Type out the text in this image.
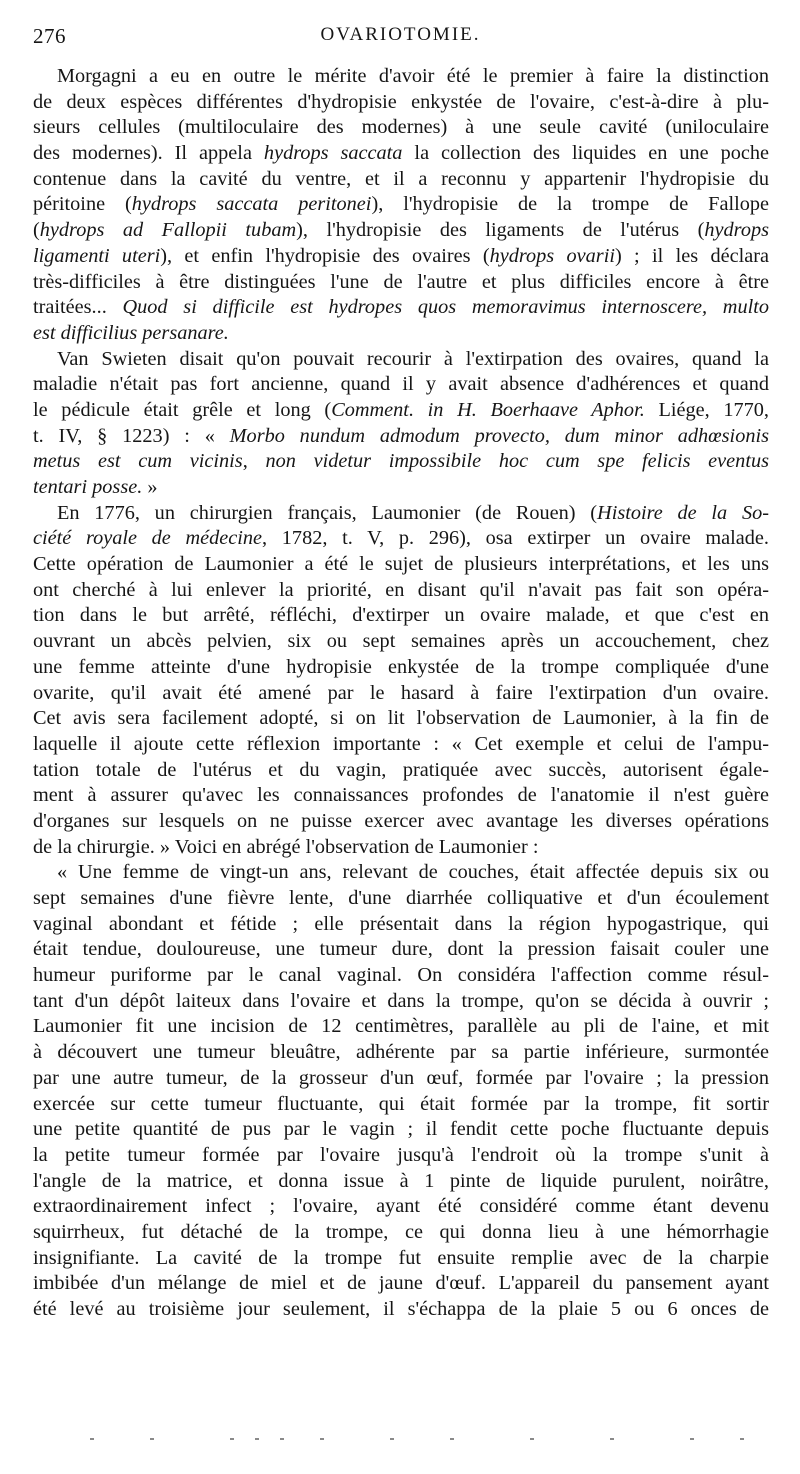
276	OVARIOTOMIE.
Morgagni a eu en outre le mérite d'avoir été le premier à faire la distinction
de deux espèces différentes d'hydropisie enkystée de l'ovaire, c'est-à-dire à plu-
sieurs cellules (multiloculaire des modernes) à une seule cavité (uniloculaire
des modernes). Il appela hydrops saccata la collection des liquides en une poche
contenue dans la cavité du ventre, et il a reconnu y appartenir l'hydropisie du
péritoine (hydrops saccata peritonei), l'hydropisie de la trompe de Fallope
(hydrops ad Fallopii tubam), l'hydropisie des ligaments de l'utérus (hydrops
ligamenti uteri), et enfin l'hydropisie des ovaires (hydrops ovarii) ; il les déclara
très-difficiles à être distinguées l'une de l'autre et plus difficiles encore à être
traitées... Quod si difficile est hydropes quos memoravimus internoscere, multo
est difficilius persanare.
Van Swieten disait qu'on pouvait recourir à l'extirpation des ovaires, quand la
maladie n'était pas fort ancienne, quand il y avait absence d'adhérences et quand
le pédicule était grêle et long (Comment. in H. Boerhaave Aphor. Liége, 1770,
t. IV, § 1223) : « Morbo nundum admodum provecto, dum minor adhœsionis
metus est cum vicinis, non videtur impossibile hoc cum spe felicis eventus
tentari posse. »
En 1776, un chirurgien français, Laumonier (de Rouen) (Histoire de la So-
ciété royale de médecine, 1782, t. V, p. 296), osa extirper un ovaire malade.
Cette opération de Laumonier a été le sujet de plusieurs interprétations, et les uns
ont cherché à lui enlever la priorité, en disant qu'il n'avait pas fait son opéra-
tion dans le but arrêté, réfléchi, d'extirper un ovaire malade, et que c'est en
ouvrant un abcès pelvien, six ou sept semaines après un accouchement, chez
une femme atteinte d'une hydropisie enkystée de la trompe compliquée d'une
ovarite, qu'il avait été amené par le hasard à faire l'extirpation d'un ovaire.
Cet avis sera facilement adopté, si on lit l'observation de Laumonier, à la fin de
laquelle il ajoute cette réflexion importante : « Cet exemple et celui de l'ampu-
tation totale de l'utérus et du vagin, pratiquée avec succès, autorisent égale-
ment à assurer qu'avec les connaissances profondes de l'anatomie il n'est guère
d'organes sur lesquels on ne puisse exercer avec avantage les diverses opérations
de la chirurgie. » Voici en abrégé l'observation de Laumonier :
« Une femme de vingt-un ans, relevant de couches, était affectée depuis six ou
sept semaines d'une fièvre lente, d'une diarrhée colliquative et d'un écoulement
vaginal abondant et fétide ; elle présentait dans la région hypogastrique, qui
était tendue, douloureuse, une tumeur dure, dont la pression faisait couler une
humeur puriforme par le canal vaginal. On considéra l'affection comme résul-
tant d'un dépôt laiteux dans l'ovaire et dans la trompe, qu'on se décida à ouvrir ;
Laumonier fit une incision de 12 centimètres, parallèle au pli de l'aine, et mit
à découvert une tumeur bleuâtre, adhérente par sa partie inférieure, surmontée
par une autre tumeur, de la grosseur d'un œuf, formée par l'ovaire ; la pression
exercée sur cette tumeur fluctuante, qui était formée par la trompe, fit sortir
une petite quantité de pus par le vagin ; il fendit cette poche fluctuante depuis
la petite tumeur formée par l'ovaire jusqu'à l'endroit où la trompe s'unit à
l'angle de la matrice, et donna issue à 1 pinte de liquide purulent, noirâtre,
extraordinairement infect ; l'ovaire, ayant été considéré comme étant devenu
squirrheux, fut détaché de la trompe, ce qui donna lieu à une hémorrhagie
insignifiante. La cavité de la trompe fut ensuite remplie avec de la charpie
imbibée d'un mélange de miel et de jaune d'œuf. L'appareil du pansement ayant
été levé au troisième jour seulement, il s'échappa de la plaie 5 ou 6 onces de
